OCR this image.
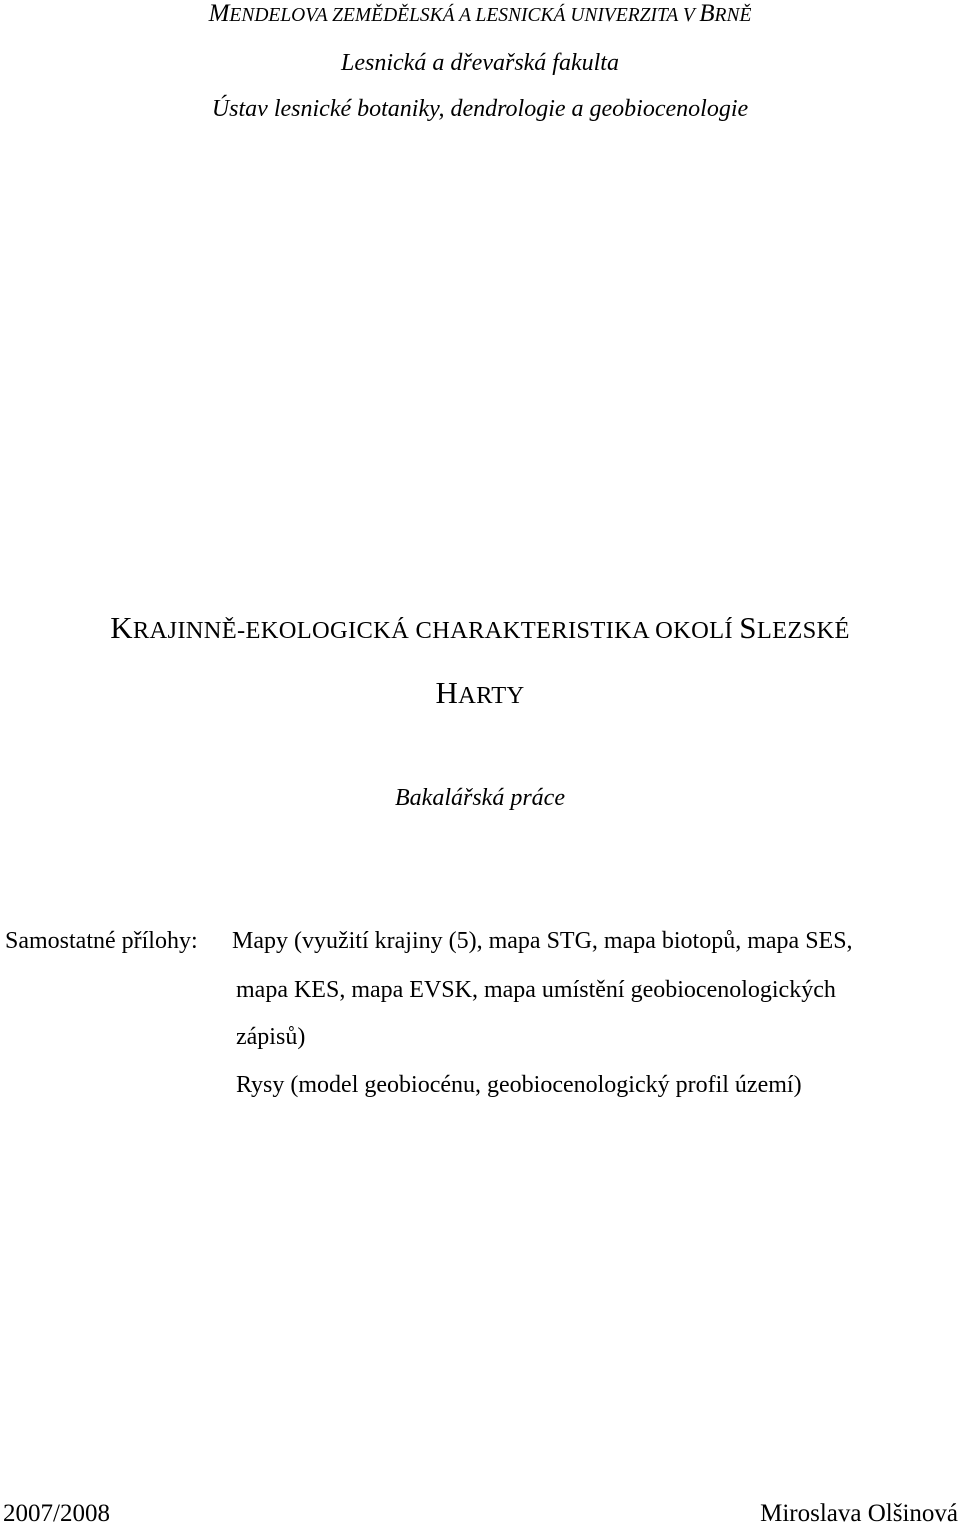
MENDELOVA ZEMĚDĚLSKÁ A LESNICKÁ UNIVERZITA V BRNĚ
Lesnická a dřevařská fakulta
Ústav lesnické botaniky, dendrologie a geobiocenologie
KRAJINNĚ-EKOLOGICKÁ CHARAKTERISTIKA OKOLÍ SLEZSKÉ
HARTY
Bakalářská práce
Samostatné přílohy: Mapy (využití krajiny (5), mapa STG, mapa biotopů, mapa SES,
mapa KES, mapa EVSK, mapa umístění geobiocenologických
zápisů)
Rysy (model geobiocénu, geobiocenologický profil území)
2007/2008	Miroslava Olšinová
